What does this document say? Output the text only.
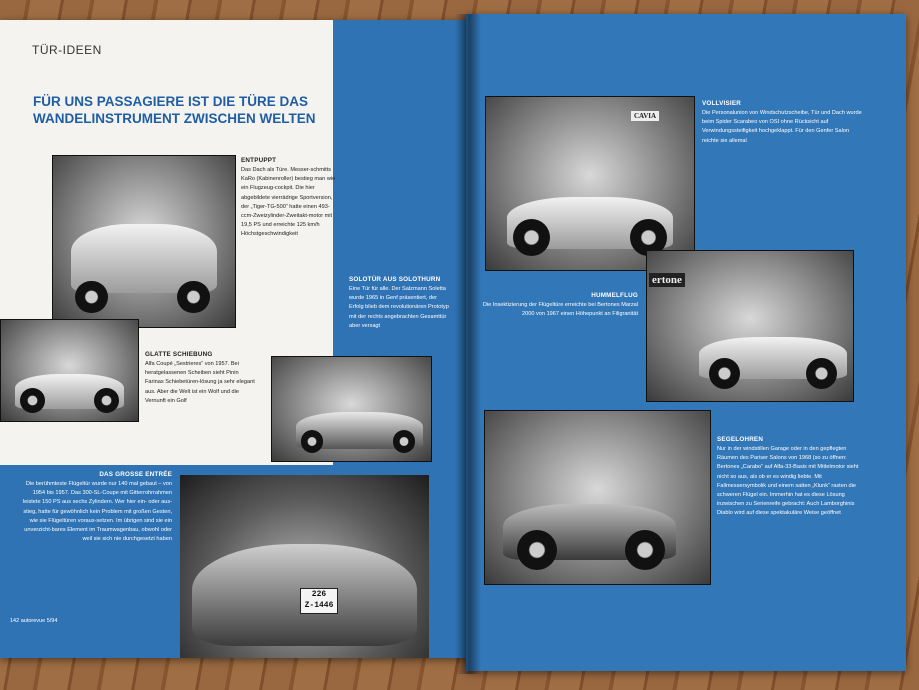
TÜR-IDEEN
FÜR UNS PASSAGIERE IST DIE TÜRE DAS WANDELINSTRUMENT ZWISCHEN WELTEN
ENTPUPPT
Das Dach als Türe. Messer-schmitts KaRo (Kabinenroller) bestieg man wie ein Flugzeug-cockpit. Die hier abgebildete vierrädrige Sportversion, der „Tiger-TG-500“ hatte einen 493-ccm-Zweizylinder-Zweitakt-motor mit 19,5 PS und erreichte 125 km/h Höchstgeschwindigkeit
GLATTE SCHIEBUNG
Alfa Coupé „Sestrieres“ von 1957. Bei heratgelassenen Scheiben sieht Pinin Farinas Schiebetüren-lösung ja sehr elegant aus. Aber die Welt ist ein Wolf und die Vernunft ein Golf
SOLOTÜR AUS SOLOTHURN
Eine Tür für alle. Der Salzmann Soletta wurde 1965 in Genf präsentiert, der Erfolg blieb dem revolutionären Prototyp mit der rechts angebrachten Gesamttür aber versagt
DAS GROSSE ENTRÉE
Die berühmteste Flügeltür wurde nur 140 mal gebaut – von 1954 bis 1957. Das 300-SL-Coupe mit Gitterrohrrahmen leistete 150 PS aus sechs Zylindern. Wer hier ein- oder aus-stieg, hatte für gewöhnlich kein Problem mit großen Gesten, wie sie Flügeltüren voraus-setzen. Im übrigen sind sie ein unverzicht-bares Element im Traumwagenbau, obwohl oder weil sie sich nie durchgesetzt haben
226
Z-1446
142 autorevue 5/94
CAVIA
VOLLVISIER
Die Personalunion von Windschutzscheibe, Tür und Dach wurde beim Spider Scarabeo von OSI ohne Rücksicht auf Verwindungssteifigkeit hochgeklappt. Für den Genfer Salon reichte sie allemal
ertone
HUMMELFLUG
Die Insektizierung der Flügeltüre erreichte bei Bertones Marzal 2000 von 1967 einen Höhepunkt an Filigranität
SEGELOHREN
Nur in der windstillen Garage oder in den gepflegten Räumen des Pariser Salons von 1968 (so zu öffnen: Bertones „Carabo“ auf Alfa-33-Basis mit Mittelmotor sieht nicht so aus, als ob er es windig liebte. Mit Fallmessersymbolik und einem satten „Klunk“ rasten die schweren Flügel ein. Immerhin hat es diese Lösung inzwischen zu Serienreife gebracht: Auch Lamborghinis Diablo wird auf diese spektakuläre Weise geöffnet
